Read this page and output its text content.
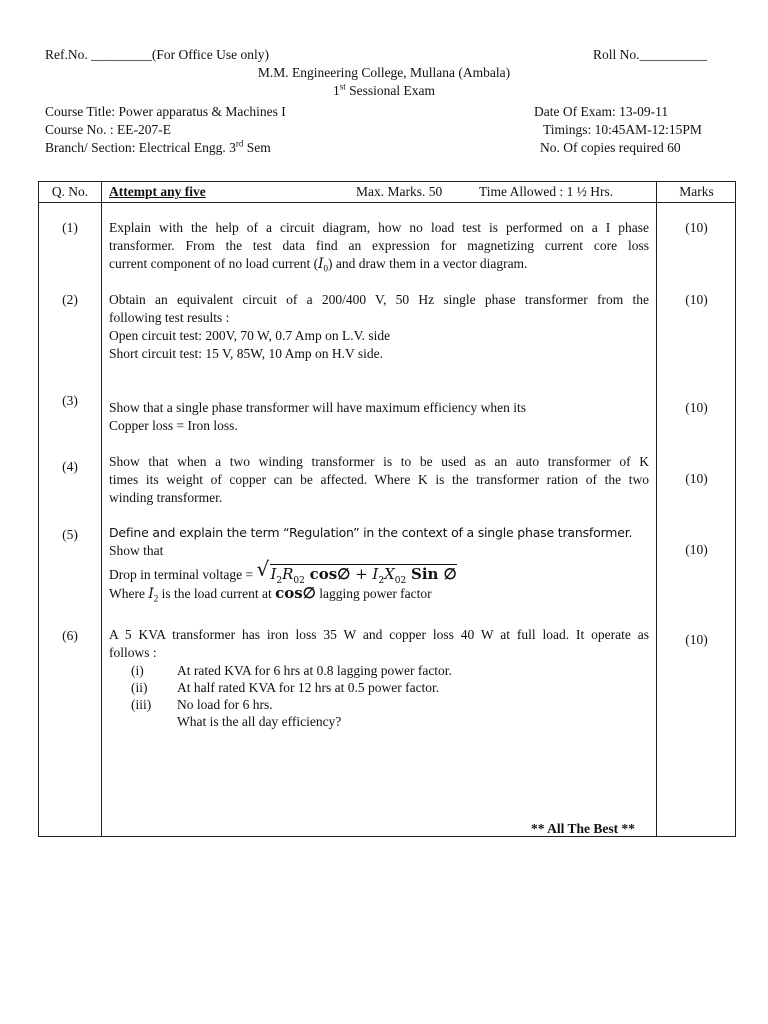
Ref.No. _________(For Office Use only)	Roll No.__________
M.M. Engineering College, Mullana (Ambala)
1st Sessional Exam
Course Title: Power apparatus & Machines I	Date Of Exam: 13-09-11
Course No. : EE-207-E	Timings: 10:45AM-12:15PM
Branch/ Section: Electrical Engg. 3rd Sem	No. Of copies required 60
Q. No.	Attempt any five	Max. Marks. 50	Time Allowed : 1 ½ Hrs.	Marks
(1)	Explain with the help of a circuit diagram, how no load test is performed on a I phase
transformer. From the test data find an expression for magnetizing current core loss
current component of no load current $(I_0)$ and draw them in a vector diagram.
(10)
(2)	Obtain an equivalent circuit of a 200/400 V, 50 Hz single phase transformer from the
following test results :
Open circuit test: 200V, 70 W, 0.7 Amp on L.V. side
Short circuit test: 15 V, 85W, 10 Amp on H.V side.
(10)
(3)	Show that a single phase transformer will have maximum efficiency when its
Copper loss = Iron loss.
(10)
(4)	Show that when a two winding transformer is to be used as an auto transformer of K
times its weight of copper can be affected. Where K is the transformer ration of the two
winding transformer.
(10)
(5)	Define and explain the term “Regulation” in the context of a single phase transformer.
Show that
Drop in terminal voltage = √ $I_2R_{02}$ cos∅ + $I_2X_{02}$ Sin ∅
Where $I_2$ is the load current at cos∅ lagging power factor
(10)
(6)	A 5 KVA transformer has iron loss 35 W and copper loss 40 W at full load. It operate as
follows :
(i) At rated KVA for 6 hrs at 0.8 lagging power factor.
(ii) At half rated KVA for 12 hrs at 0.5 power factor.
(iii) No load for 6 hrs.
What is the all day efficiency?
(10)
** All The Best **
